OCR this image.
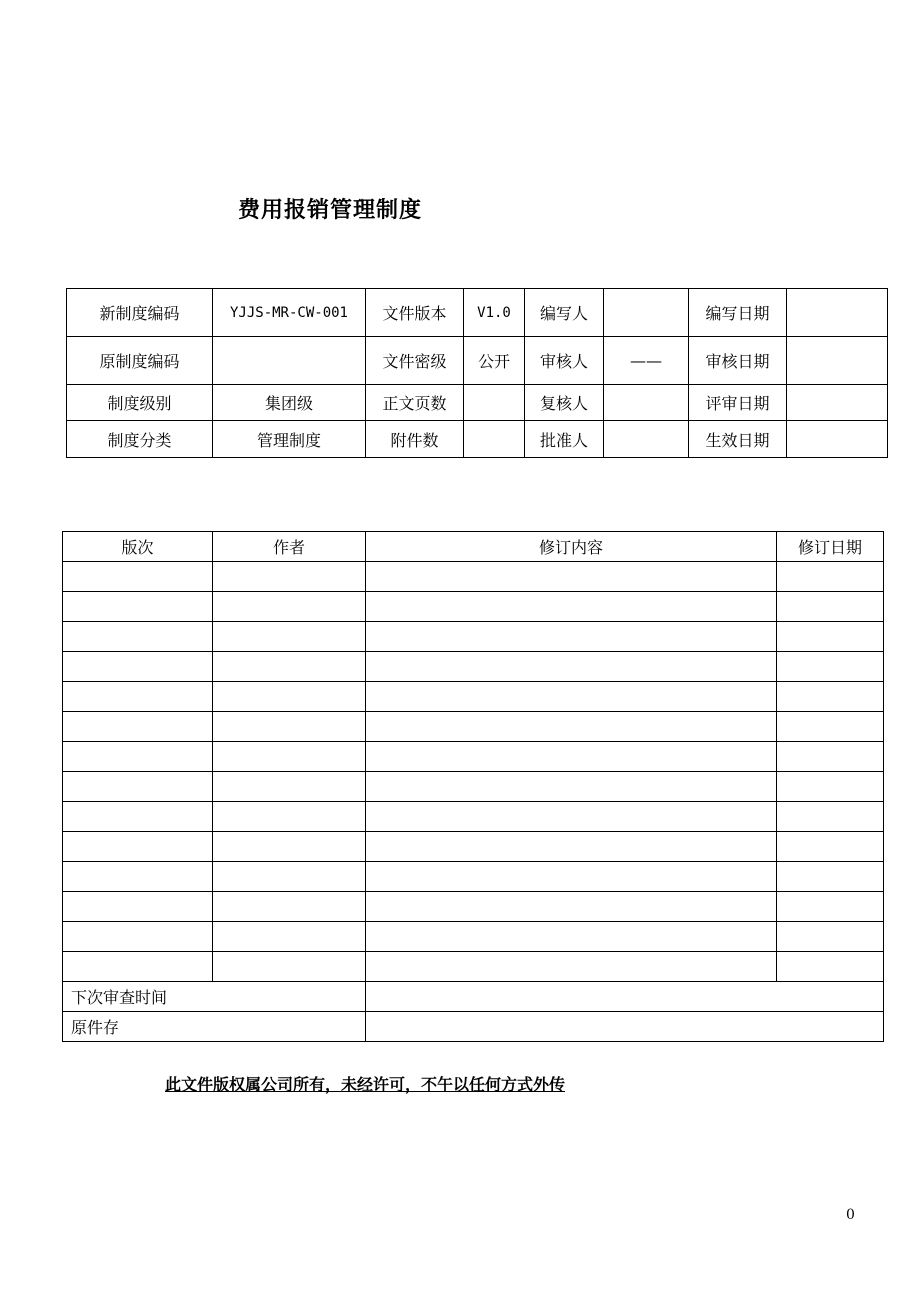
费用报销管理制度
新制度编码	YJJS-MR-CW-001	文件版本	V1.0	编写人		编写日期	
原制度编码		文件密级	公开	审核人	——	审核日期	
制度级别	集团级	正文页数		复核人		评审日期	
制度分类	管理制度	附件数		批准人		生效日期	
版次	作者	修订内容	修订日期

下次审查时间			
原件存			
此文件版权属公司所有，未经许可，不午以任何方式外传
0
